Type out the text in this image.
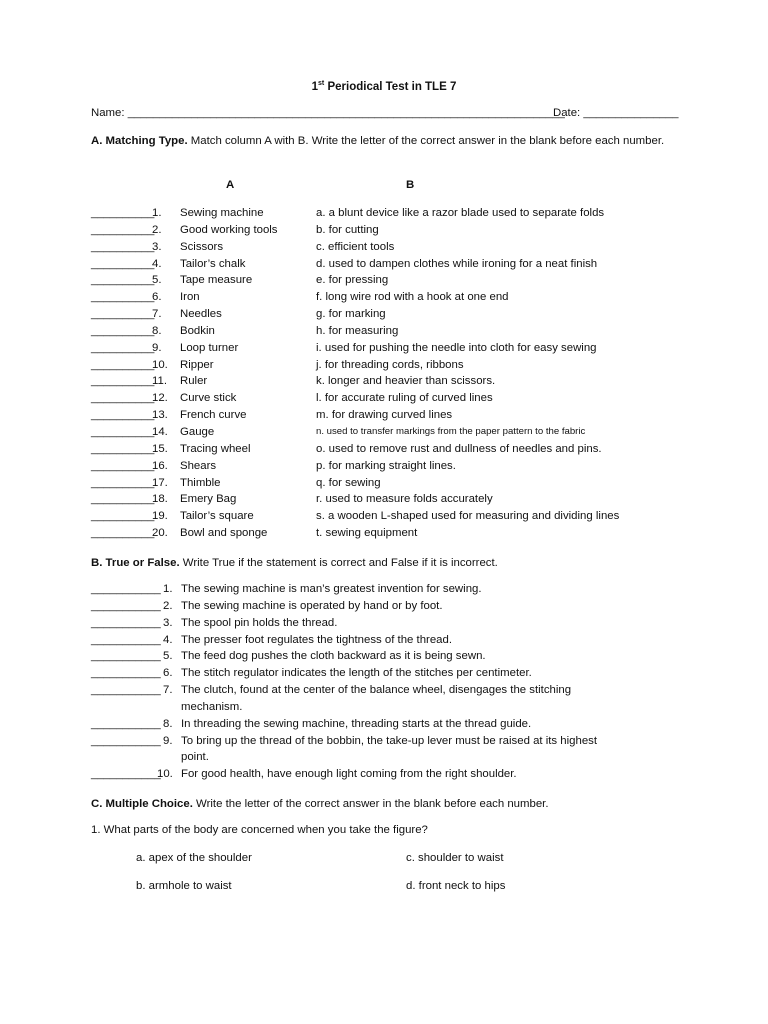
1st Periodical Test in TLE 7
Name: _____________________________________________________________________
Date: _______________
A. Matching Type. Match column A with B. Write the letter of the correct answer in the blank before each number.
A	B
__________
1. Sewing machine	a. a blunt device like a razor blade used to separate folds
__________
2. Good working tools	b. for cutting
__________
3. Scissors	c. efficient tools
__________
4. Tailor’s chalk	d. used to dampen clothes while ironing for a neat finish
__________
5. Tape measure	e. for pressing
__________
6. Iron	f. long wire rod with a hook at one end
__________
7. Needles	g. for marking
__________
8. Bodkin	h. for measuring
__________
9. Loop turner	i. used for pushing the needle into cloth for easy sewing
__________
10. Ripper	j. for threading cords, ribbons
__________
11. Ruler	k. longer and heavier than scissors.
__________
12. Curve stick	l. for accurate ruling of curved lines
__________
13. French curve	m. for drawing curved lines
__________
14. Gauge	n. used to transfer markings from the paper pattern to the fabric
__________
15. Tracing wheel	o. used to remove rust and dullness of needles and pins.
__________
16. Shears	p. for marking straight lines.
__________
17. Thimble	q. for sewing
__________
18. Emery Bag	r. used to measure folds accurately
__________
19. Tailor’s square	s. a wooden L-shaped used for measuring and dividing lines
__________
20. Bowl and sponge	t. sewing equipment
B. True or False. Write True if the statement is correct and False if it is incorrect.
___________ 1. The sewing machine is man’s greatest invention for sewing.
___________ 2. The sewing machine is operated by hand or by foot.
___________ 3. The spool pin holds the thread.
___________ 4. The presser foot regulates the tightness of the thread.
___________ 5. The feed dog pushes the cloth backward as it is being sewn.
___________ 6. The stitch regulator indicates the length of the stitches per centimeter.
___________ 7. The clutch, found at the center of the balance wheel, disengages the stitching
mechanism.
___________ 8. In threading the sewing machine, threading starts at the thread guide.
___________ 9. To bring up the thread of the bobbin, the take-up lever must be raised at its highest
point.
___________
10. For good health, have enough light coming from the right shoulder.
C. Multiple Choice. Write the letter of the correct answer in the blank before each number.
1. What parts of the body are concerned when you take the figure?
a. apex of the shoulder
b. armhole to waist
c. shoulder to waist
d. front neck to hips
